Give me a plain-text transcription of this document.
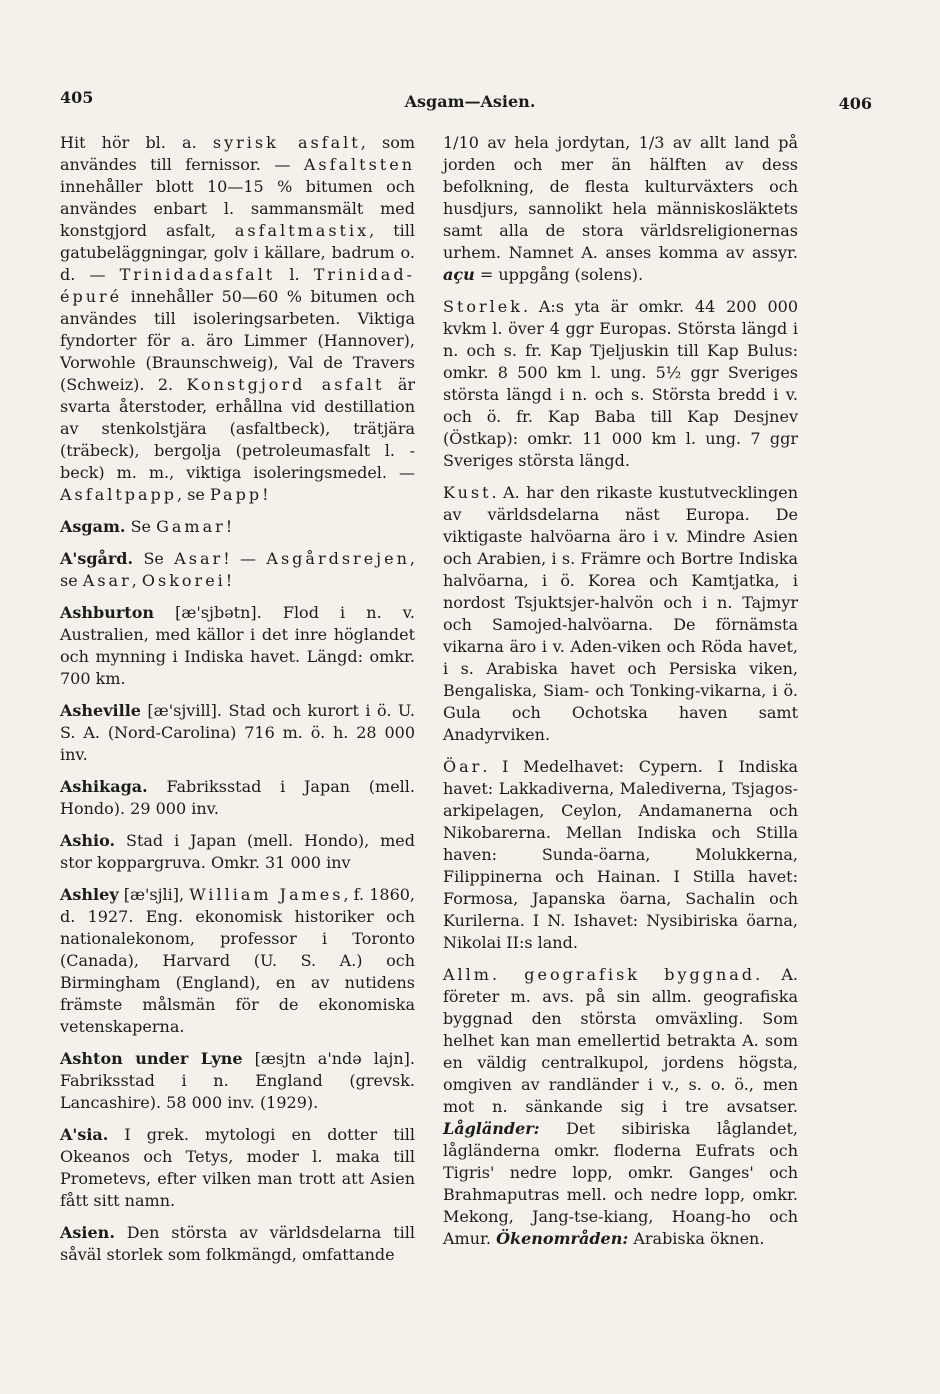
405	Asgam—Asien.	406

Hit hör bl. a. syrisk asfalt, som användes till fernissor. — Asfaltsten innehåller blott 10—15 % bitumen och användes enbart l. sammansmält med konstgjord asfalt, asfaltmastix, till gatubeläggningar, golv i källare, badrum o. d. — Trinidadasfalt l. Trinidad-épuré innehåller 50—60 % bitumen och användes till isoleringsarbeten. Viktiga fyndorter för a. äro Limmer (Hannover), Vorwohle (Braunschweig), Val de Travers (Schweiz). 2. Konstgjord asfalt är svarta återstoder, erhållna vid destillation av stenkolstjära (asfaltbeck), trätjära (träbeck), bergolja (petroleumasfalt l. -beck) m. m., viktiga isoleringsmedel. — Asfaltpapp, se Papp!

Asgam. Se Gamar!

A'sgård. Se Asar! — Asgårdsrejen, se Asar, Oskorei!

Ashburton [æ'sjbətn]. Flod i n. v. Australien, med källor i det inre höglandet och mynning i Indiska havet. Längd: omkr. 700 km.

Asheville [æ'sjvill]. Stad och kurort i ö. U. S. A. (Nord-Carolina) 716 m. ö. h. 28 000 inv.

Ashikaga. Fabriksstad i Japan (mell. Hondo). 29 000 inv.

Ashio. Stad i Japan (mell. Hondo), med stor koppargruva. Omkr. 31 000 inv

Ashley [æ'sjli], William James, f. 1860, d. 1927. Eng. ekonomisk historiker och nationalekonom, professor i Toronto (Canada), Harvard (U. S. A.) och Birmingham (England), en av nutidens främste målsmän för de ekonomiska vetenskaperna.

Ashton under Lyne [æsjtn a'ndə lajn]. Fabriksstad i n. England (grevsk. Lancashire). 58 000 inv. (1929).

A'sia. I grek. mytologi en dotter till Okeanos och Tetys, moder l. maka till Prometevs, efter vilken man trott att Asien fått sitt namn.

Asien. Den största av världsdelarna till såväl storlek som folkmängd, omfattande

1/10 av hela jordytan, 1/3 av allt land på jorden och mer än hälften av dess befolkning, de flesta kulturväxters och husdjurs, sannolikt hela människosläktets samt alla de stora världsreligionernas urhem. Namnet A. anses komma av assyr. açu = uppgång (solens).

Storlek. A:s yta är omkr. 44 200 000 kvkm l. över 4 ggr Europas. Största längd i n. och s. fr. Kap Tjeljuskin till Kap Bulus: omkr. 8 500 km l. ung. 5½ ggr Sveriges största längd i n. och s. Största bredd i v. och ö. fr. Kap Baba till Kap Desjnev (Östkap): omkr. 11 000 km l. ung. 7 ggr Sveriges största längd.

Kust. A. har den rikaste kustutvecklingen av världsdelarna näst Europa. De viktigaste halvöarna äro i v. Mindre Asien och Arabien, i s. Främre och Bortre Indiska halvöarna, i ö. Korea och Kamtjatka, i nordost Tsjuktsjer-halvön och i n. Tajmyr och Samojed-halvöarna. De förnämsta vikarna äro i v. Aden-viken och Röda havet, i s. Arabiska havet och Persiska viken, Bengaliska, Siam- och Tonking-vikarna, i ö. Gula och Ochotska haven samt Anadyrviken.

Öar. I Medelhavet: Cypern. I Indiska havet: Lakkadiverna, Malediverna, Tsjagos-arkipelagen, Ceylon, Andamanerna och Nikobarerna. Mellan Indiska och Stilla haven: Sunda-öarna, Molukkerna, Filippinerna och Hainan. I Stilla havet: Formosa, Japanska öarna, Sachalin och Kurilerna. I N. Ishavet: Nysibiriska öarna, Nikolai II:s land.

Allm. geografisk byggnad. A. företer m. avs. på sin allm. geografiska byggnad den största omväxling. Som helhet kan man emellertid betrakta A. som en väldig centralkupol, jordens högsta, omgiven av randländer i v., s. o. ö., men mot n. sänkande sig i tre avsatser. Lågländer: Det sibiriska låglandet, lågländerna omkr. floderna Eufrats och Tigris' nedre lopp, omkr. Ganges' och Brahmaputras mell. och nedre lopp, omkr. Mekong, Jang-tse-kiang, Hoang-ho och Amur. Ökenområden: Arabiska öknen.
